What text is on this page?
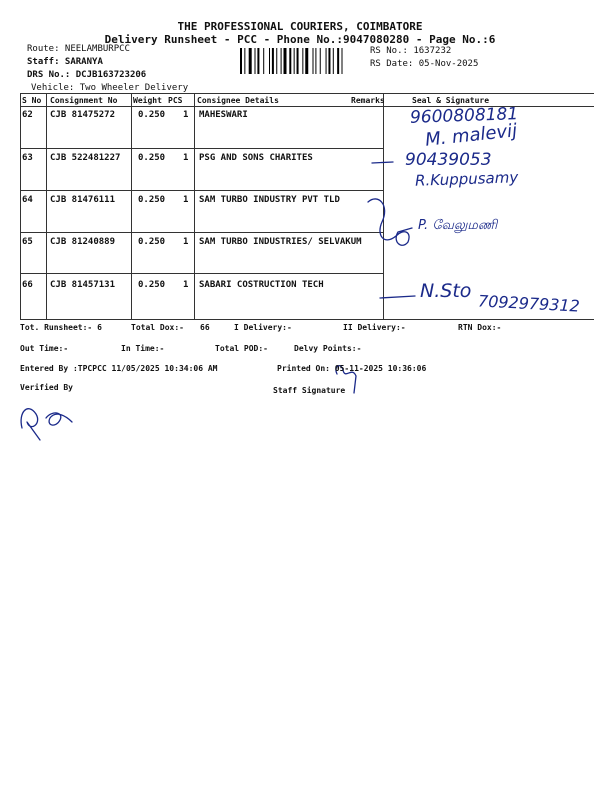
THE PROFESSIONAL COURIERS, COIMBATORE
Delivery Runsheet - PCC - Phone No.:9047080280 - Page No.:6
Route: NEELAMBURPCC
Staff: SARANYA
DRS No.: DCJB163723206
Vehicle: Two Wheeler Delivery
RS No.: 1637232
RS Date: 05-Nov-2025
S No Consignment No Weight PCS Consignee Details	Remarks	Seal & Signature
62 CJB 81475272	0.250 1 MAHESWARI	9600808181
M. malevij
63 CJB 522481227 0.250 1 PSG AND SONS CHARITES	90439053
R.Kuppusamy
64 CJB 81476111	0.250 1 SAM TURBO INDUSTRY PVT TLD
P. வேலுமணி
65 CJB 81240889	0.250 1 SAM TURBO INDUSTRIES/ SELVAKUM
66 CJB 81457131	0.250 1 SABARI COSTRUCTION TECH	N.Sto
7092979312
Tot. Runsheet:- 6	Total Dox:- 66	I Delivery:-	II Delivery:-	RTN Dox:-
Out Time:-	In Time:-	Total POD:-	Delvy Points:-
Entered By :TPCPCC 11/05/2025 10:34:06 AM	Printed On: 05-11-2025 10:36:06
Verified By	Staff Signature
